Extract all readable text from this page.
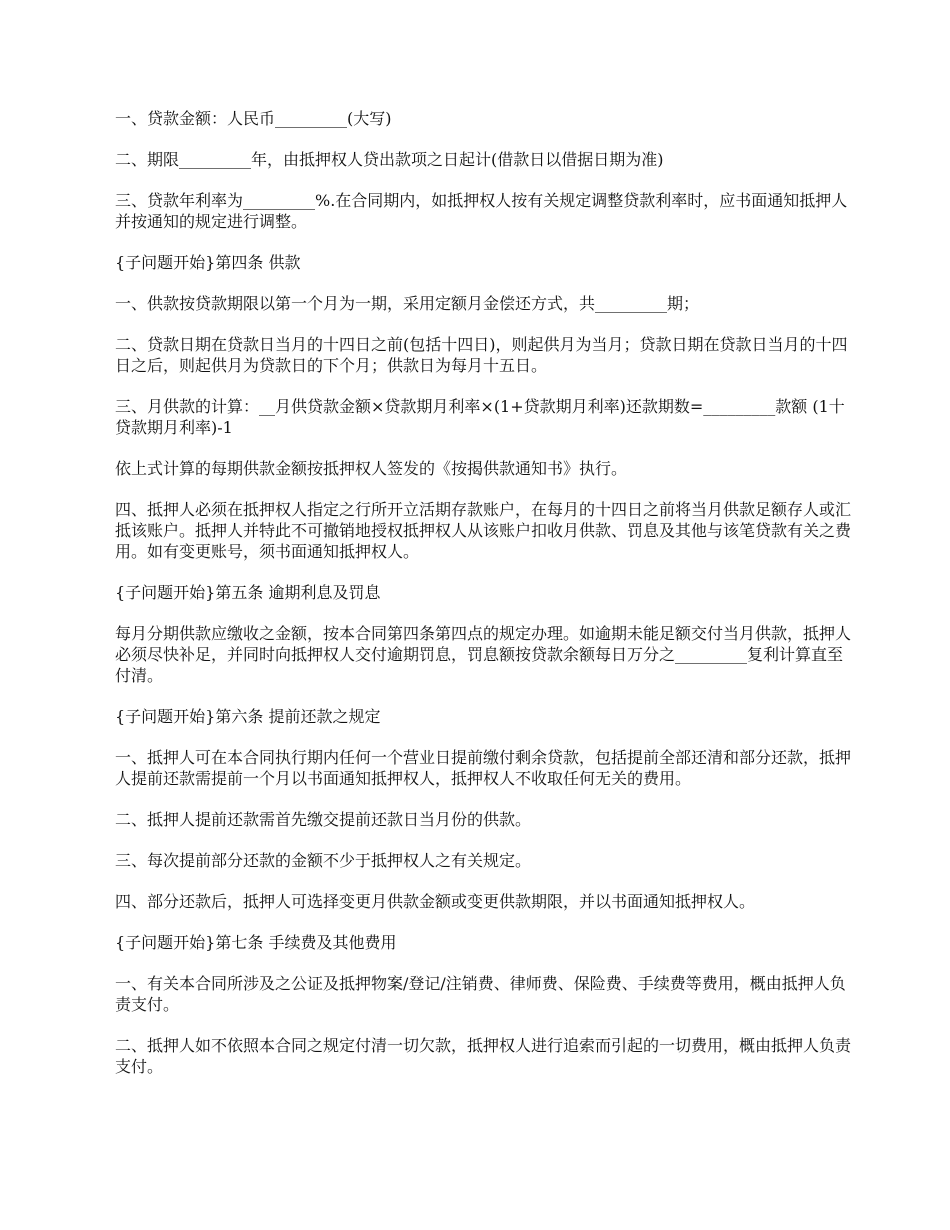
一、贷款金额：人民币_________(大写)

二、期限_________年，由抵押权人贷出款项之日起计(借款日以借据日期为准)

三、贷款年利率为_________%.在合同期内，如抵押权人按有关规定调整贷款利率时，应书面通知抵押人并按通知的规定进行调整。

{子问题开始}第四条 供款

一、供款按贷款期限以第一个月为一期，采用定额月金偿还方式，共_________期；

二、贷款日期在贷款日当月的十四日之前(包括十四日)，则起供月为当月；贷款日期在贷款日当月的十四日之后，则起供月为贷款日的下个月；供款日为每月十五日。

三、月供款的计算：__月供贷款金额×贷款期月利率×(1+贷款期月利率)还款期数=_________款额 (1十贷款期月利率)-1

依上式计算的每期供款金额按抵押权人签发的《按揭供款通知书》执行。

四、抵押人必须在抵押权人指定之行所开立活期存款账户，在每月的十四日之前将当月供款足额存人或汇抵该账户。抵押人并特此不可撤销地授权抵押权人从该账户扣收月供款、罚息及其他与该笔贷款有关之费用。如有变更账号，须书面通知抵押权人。

{子问题开始}第五条 逾期利息及罚息

每月分期供款应缴收之金额，按本合同第四条第四点的规定办理。如逾期未能足额交付当月供款，抵押人必须尽快补足，并同时向抵押权人交付逾期罚息，罚息额按贷款余额每日万分之_________复利计算直至付清。

{子问题开始}第六条 提前还款之规定

一、抵押人可在本合同执行期内任何一个营业日提前缴付剩余贷款，包括提前全部还清和部分还款，抵押人提前还款需提前一个月以书面通知抵押权人，抵押权人不收取任何无关的费用。

二、抵押人提前还款需首先缴交提前还款日当月份的供款。

三、每次提前部分还款的金额不少于抵押权人之有关规定。

四、部分还款后，抵押人可选择变更月供款金额或变更供款期限，并以书面通知抵押权人。

{子问题开始}第七条 手续费及其他费用

一、有关本合同所涉及之公证及抵押物案/登记/注销费、律师费、保险费、手续费等费用，概由抵押人负责支付。

二、抵押人如不依照本合同之规定付清一切欠款，抵押权人进行追索而引起的一切费用，概由抵押人负责支付。
